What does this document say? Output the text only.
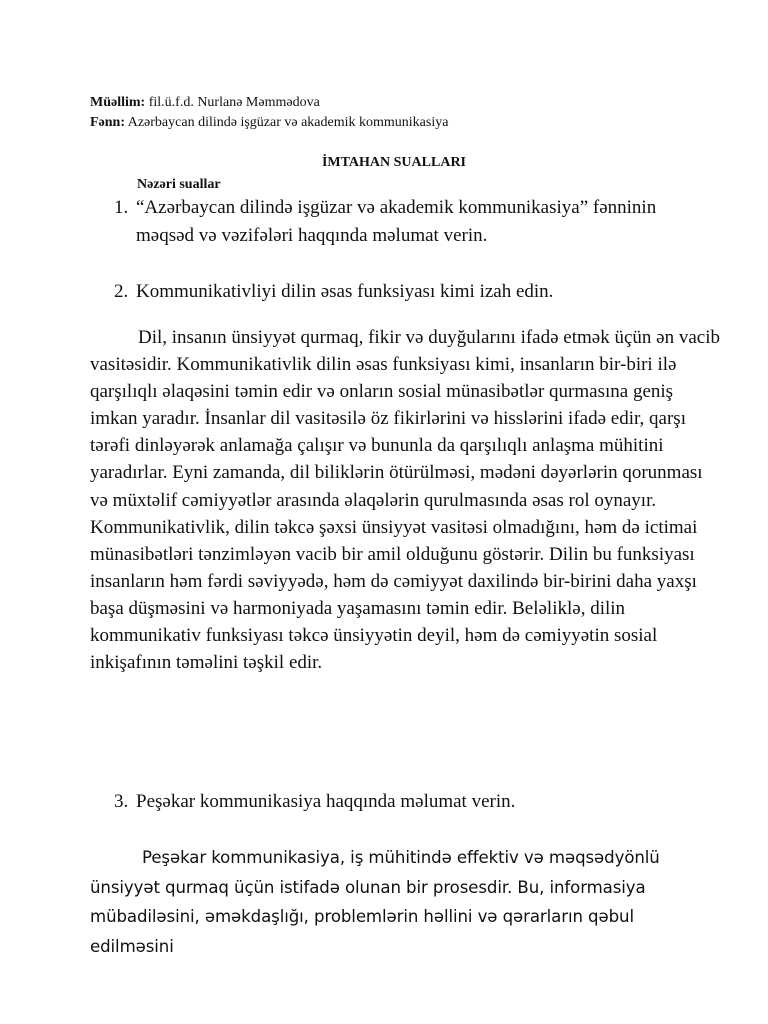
Müəllim: fil.ü.f.d. Nurlanə Məmmədova
Fənn: Azərbaycan dilində işgüzar və akademik kommunikasiya
İMTAHAN SUALLARI
Nəzəri suallar
1. “Azərbaycan dilində işgüzar və akademik kommunikasiya” fənninin məqsəd və vəzifələri haqqında məlumat verin.
2. Kommunikativliyi dilin əsas funksiyası kimi izah edin.

Dil, insanın ünsiyyət qurmaq, fikir və duyğularını ifadə etmək üçün ən vacib vasitəsidir. Kommunikativlik dilin əsas funksiyası kimi, insanların bir-biri ilə qarşılıqlı əlaqəsini təmin edir və onların sosial münasibətlər qurmasına geniş imkan yaradır. İnsanlar dil vasitəsilə öz fikirlərini və hisslərini ifadə edir, qarşı tərəfi dinləyərək anlamağa çalışır və bununla da qarşılıqlı anlaşma mühitini yaradırlar. Eyni zamanda, dil biliklərin ötürülməsi, mədəni dəyərlərin qorunması və müxtəlif cəmiyyətlər arasında əlaqələrin qurulmasında əsas rol oynayır. Kommunikativlik, dilin təkcə şəxsi ünsiyyət vasitəsi olmadığını, həm də ictimai münasibətləri tənzimləyən vacib bir amil olduğunu göstərir. Dilin bu funksiyası insanların həm fərdi səviyyədə, həm də cəmiyyət daxilində bir-birini daha yaxşı başa düşməsini və harmoniyada yaşamasını təmin edir. Beləliklə, dilin kommunikativ funksiyası təkcə ünsiyyətin deyil, həm də cəmiyyətin sosial inkişafının təməlini təşkil edir.

3. Peşəkar kommunikasiya haqqında məlumat verin.

Peşəkar kommunikasiya, iş mühitində effektiv və məqsədyönlü ünsiyyət qurmaq üçün istifadə olunan bir prosesdir. Bu, informasiya mübadiləsini, əməkdaşlığı, problemlərin həllini və qərarların qəbul edilməsini
